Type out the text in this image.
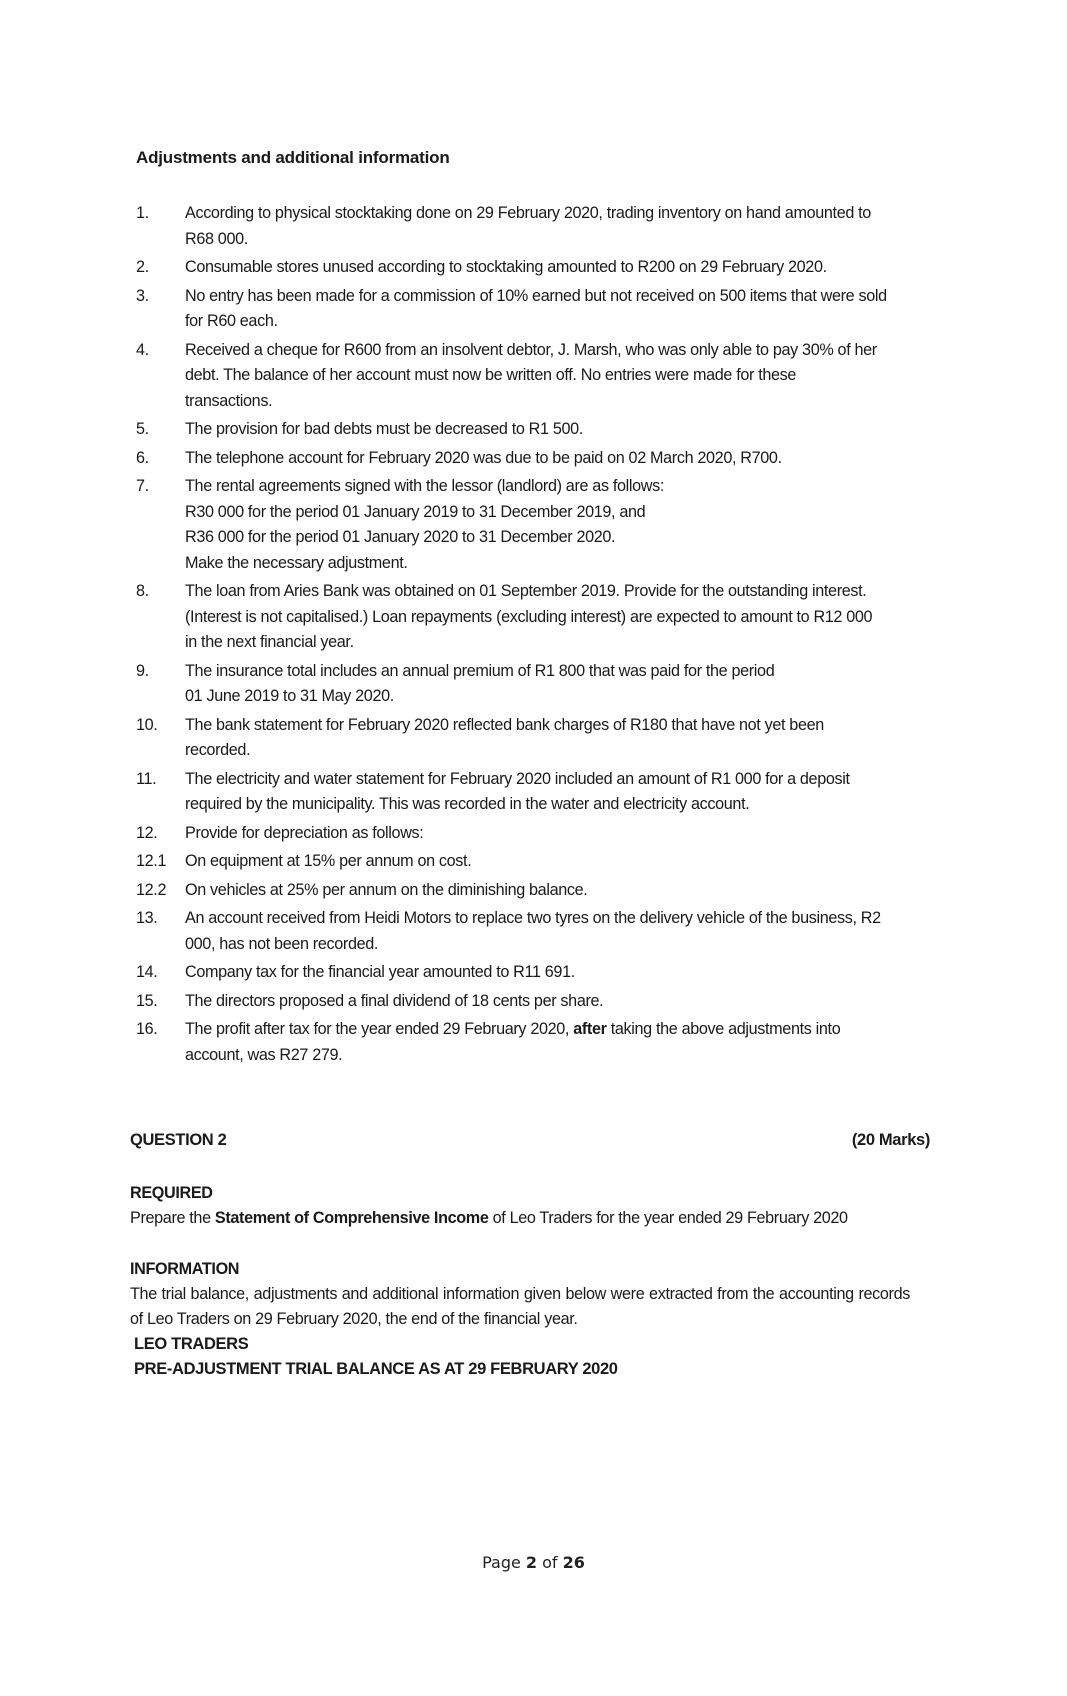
Adjustments and additional information
1.	According to physical stocktaking done on 29 February 2020, trading inventory on hand amounted to
R68 000.
2.	Consumable stores unused according to stocktaking amounted to R200 on 29 February 2020.
3.	No entry has been made for a commission of 10% earned but not received on 500 items that were sold
for R60 each.
4.	Received a cheque for R600 from an insolvent debtor, J. Marsh, who was only able to pay 30% of her
debt. The balance of her account must now be written off. No entries were made for these
transactions.
5.	The provision for bad debts must be decreased to R1 500.
6.	The telephone account for February 2020 was due to be paid on 02 March 2020, R700.
7.	The rental agreements signed with the lessor (landlord) are as follows:
R30 000 for the period 01 January 2019 to 31 December 2019, and
R36 000 for the period 01 January 2020 to 31 December 2020.
Make the necessary adjustment.
8.	The loan from Aries Bank was obtained on 01 September 2019. Provide for the outstanding interest.
(Interest is not capitalised.) Loan repayments (excluding interest) are expected to amount to R12 000
in the next financial year.
9.	The insurance total includes an annual premium of R1 800 that was paid for the period
01 June 2019 to 31 May 2020.
10.	The bank statement for February 2020 reflected bank charges of R180 that have not yet been
recorded.
11.	The electricity and water statement for February 2020 included an amount of R1 000 for a deposit
required by the municipality. This was recorded in the water and electricity account.
12.	Provide for depreciation as follows:
12.1	On equipment at 15% per annum on cost.
12.2	On vehicles at 25% per annum on the diminishing balance.
13.	An account received from Heidi Motors to replace two tyres on the delivery vehicle of the business, R2
000, has not been recorded.
14.	Company tax for the financial year amounted to R11 691.
15.	The directors proposed a final dividend of 18 cents per share.
16.	The profit after tax for the year ended 29 February 2020, after taking the above adjustments into
account, was R27 279.
QUESTION 2	(20 Marks)
REQUIRED
Prepare the Statement of Comprehensive Income of Leo Traders for the year ended 29 February 2020
INFORMATION
The trial balance, adjustments and additional information given below were extracted from the accounting records of Leo Traders on 29 February 2020, the end of the financial year.
LEO TRADERS
PRE-ADJUSTMENT TRIAL BALANCE AS AT 29 FEBRUARY 2020
Page 2 of 26
